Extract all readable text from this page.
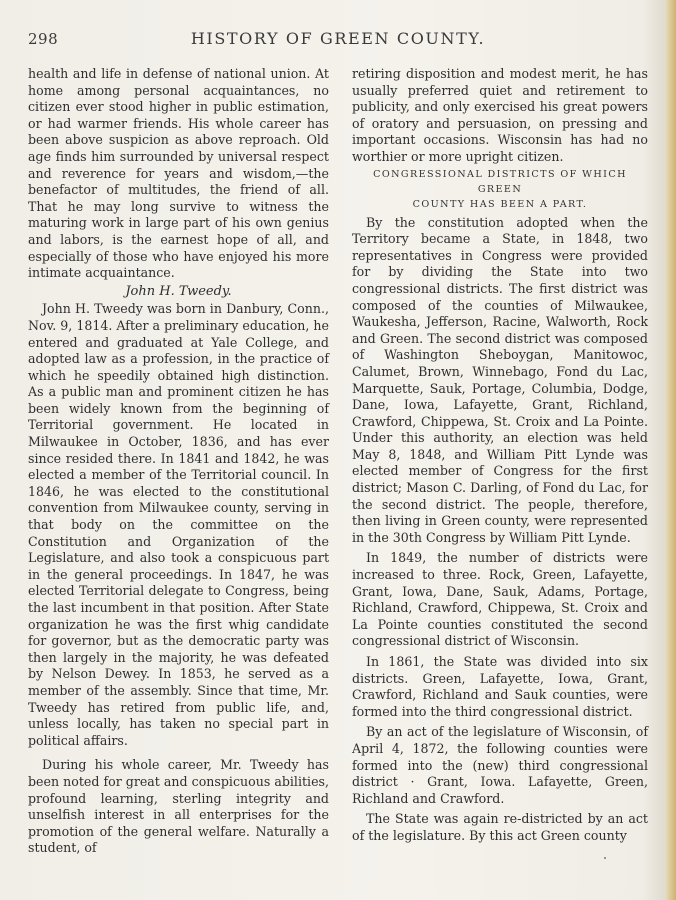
298	HISTORY OF GREEN COUNTY.

health and life in defense of national union. At home among personal acquaintances, no citizen ever stood higher in public estimation, or had warmer friends. His whole career has been above suspicion as above reproach. Old age finds him surrounded by universal respect and reverence for years and wisdom,—the benefactor of multitudes, the friend of all. That he may long survive to witness the maturing work in large part of his own genius and labors, is the earnest hope of all, and especially of those who have enjoyed his more intimate acquaintance.

John H. Tweedy.

John H. Tweedy was born in Danbury, Conn., Nov. 9, 1814. After a preliminary education, he entered and graduated at Yale College, and adopted law as a profession, in the practice of which he speedily obtained high distinction. As a public man and prominent citizen he has been widely known from the beginning of Territorial government. He located in Milwaukee in October, 1836, and has ever since resided there. In 1841 and 1842, he was elected a member of the Territorial council. In 1846, he was elected to the constitutional convention from Milwaukee county, serving in that body on the committee on the Constitution and Organization of the Legislature, and also took a conspicuous part in the general proceedings. In 1847, he was elected Territorial delegate to Congress, being the last incumbent in that position. After State organization he was the first whig candidate for governor, but as the democratic party was then largely in the majority, he was defeated by Nelson Dewey. In 1853, he served as a member of the assembly. Since that time, Mr. Tweedy has retired from public life, and, unless locally, has taken no special part in political affairs.

During his whole career, Mr. Tweedy has been noted for great and conspicuous abilities, profound learning, sterling integrity and unselfish interest in all enterprises for the promotion of the general welfare. Naturally a student, of

retiring disposition and modest merit, he has usually preferred quiet and retirement to publicity, and only exercised his great powers of oratory and persuasion, on pressing and important occasions. Wisconsin has had no worthier or more upright citizen.

CONGRESSIONAL DISTRICTS OF WHICH GREEN
COUNTY HAS BEEN A PART.

By the constitution adopted when the Territory became a State, in 1848, two representatives in Congress were provided for by dividing the State into two congressional districts. The first district was composed of the counties of Milwaukee, Waukesha, Jefferson, Racine, Walworth, Rock and Green. The second district was composed of Washington Sheboygan, Manitowoc, Calumet, Brown, Winnebago, Fond du Lac, Marquette, Sauk, Portage, Columbia, Dodge, Dane, Iowa, Lafayette, Grant, Richland, Crawford, Chippewa, St. Croix and La Pointe. Under this authority, an election was held May 8, 1848, and William Pitt Lynde was elected member of Congress for the first district; Mason C. Darling, of Fond du Lac, for the second district. The people, therefore, then living in Green county, were represented in the 30th Congress by William Pitt Lynde.

In 1849, the number of districts were increased to three. Rock, Green, Lafayette, Grant, Iowa, Dane, Sauk, Adams, Portage, Richland, Crawford, Chippewa, St. Croix and La Pointe counties constituted the second congressional district of Wisconsin.

In 1861, the State was divided into six districts. Green, Lafayette, Iowa, Grant, Crawford, Richland and Sauk counties, were formed into the third congressional district.

By an act of the legislature of Wisconsin, of April 4, 1872, the following counties were formed into the (new) third congressional district · Grant, Iowa. Lafayette, Green, Richland and Crawford.

The State was again re-districted by an act of the legislature. By this act Green county
